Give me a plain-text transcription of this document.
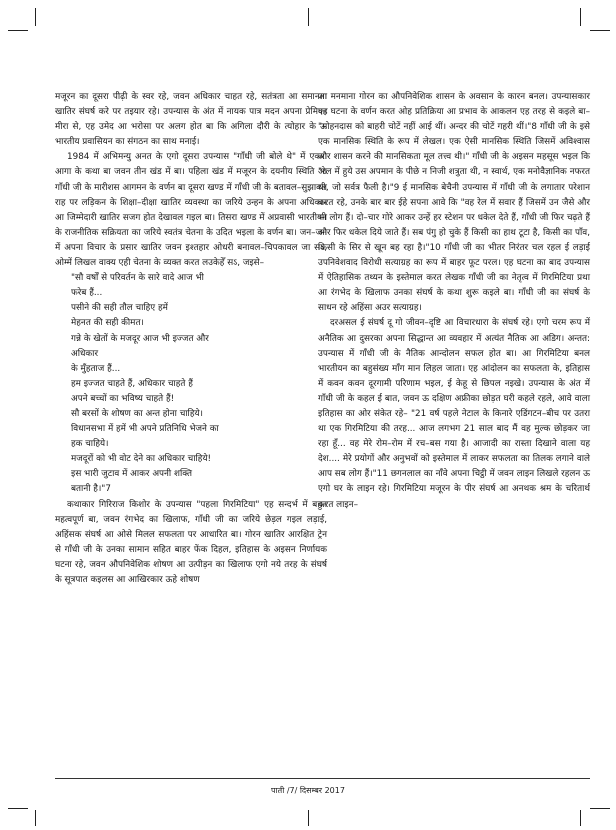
मजूरन का दूसरा पीढ़ी के स्वर रहे, जवन अधिकार चाहत रहे, सतंत्रता आ समानता खातिर संघर्ष करे पर तइयार रहे। उपन्यास के अंत में नायक पात्र मदन अपना प्रेमिका मीरा से, एह उमेद आ भरोसा पर अलग होत बा कि अगिला दौरी के त्योहार के ऊ भारतीय प्रवासियन का संगठन का साथ मनाई।

1984 में अभिमन्यु अनत के एगो दूसरा उपन्यास "गाँधी जी बोले थे" में एकरा आगा के कथा बा जवन तीन खंड में बा। पहिला खंड में मजूरन के दयनीय स्थिति आ गाँधी जी के मारीशस आगमन के वर्णन बा दूसरा खण्ड में गाँधी जी के बतावल–सुझावल राह पर लड़िकन के शिक्षा–दीक्षा खातिर व्यवस्था का जरिये उन्हन के अपना अधिकार आ जिम्मेदारी खातिर सजग होत देखावल गइल बा। तिसरा खण्ड में अप्रवासी भारतीयन के राजनीतिक सक्रियता का जरिये स्वतंत्र चेतना के उदित भइला के वर्णन बा। जन–जन में अपना विचार के प्रसार खातिर जवन इश्तहार ओधरी बनावल–चिपकावल जा सऽ, ओम्में लिखल वाक्य एही चेतना के व्यक्त करत लउकेहेँ सऽ, जइसे–

"सौ वर्षों से परिवर्तन के सारे वादे आज भी

फरेब हैं...

पसीने की सही तौल चाहिए हमें

मेहनत की सही कीमत।

गन्ने के खेतों के मजदूर आज भी इज्जत और

अधिकार

के मुँहताज हैं...

हम इज्जत चाहते हैं, अधिकार चाहते हैं

अपने बच्चों का भविष्य चाहते हैं!

सौ बरसों के शोषण का अन्त होना चाहिये।

विधानसभा में हमें भी अपने प्रतिनिधि भेजने का

हक चाहिये।

मजदूरों को भी वोट देने का अधिकार चाहिये!

इस भारी जुटाव में आकर अपनी शक्ति

बतानी है।"7

कथाकार गिरिराज किशोर के उपन्यास "पहला गिरमिटिया" एह सन्दर्भ में बहुत महत्वपूर्ण बा, जवन रंगभेद का खिलाफ, गाँधी जी का जरिये छेड़ल गइल लड़ाई, अहिंसक संघर्ष आ ओसे मिलल सफलता पर आधारित बा। गोरन खातिर आरक्षित ट्रेन से गाँधी जी के उनका सामान सहित बाहर फेंक दिहल, इतिहास के अइसन निर्णायक घटना रहे, जवन औपनिवेशिक शोषण आ उत्पीड़न का खिलाफ एगो नये तरह के संघर्ष के सूत्रपात कइलस आ आखिरकार ऊहे शोषण

आ मनमाना गोरन का औपनिवेशिक शासन के अवसान के कारन बनल। उपन्यासकार एह घटना के वर्णन करत ओह प्रतिक्रिया आ प्रभाव के आकलन एह तरह से कइले बा– "मोहनदास को बाहरी चोटें नहीं आई थीं। अन्दर की चोटें गहरी थीं।"8 गाँधी जी के इसे एक मानसिक स्थिति के रूप में लेखल। एक ऐसी मानसिक स्थिति जिसमें अविश्वास और शासन करने की मानसिकता मूल तत्त्व थी।" गाँधी जी के अइसन महसूस भइल कि "रेल में हुये उस अपमान के पीछे न निजी शत्रुता थी, न स्वार्थ, एक मनोवैज्ञानिक नफरत थी, जो सर्वत्र फैली है।"9 ई मानसिक बेचैनी उपन्यास में गाँधी जी के लगातार परेशान करत रहे, उनके बार बार ईहे सपना आवे कि "वह रेल में सवार हैं जिसमें उन जैसे और भी लोग हैं। दो–चार गोरे आकर उन्हें हर स्टेशन पर धकेल देते हैं, गाँधी जी फिर चढ़ते हैं और फिर धकेल दिये जाते हैं। सब पंगु हो चुके हैं किसी का हाथ टूटा है, किसी का पाँव, किसी के सिर से खून बह रहा है।"10 गाँधी जी का भीतर निरंतर चल रहल ई लड़ाई उपनिवेशवाद विरोधी सत्याग्रह का रूप में बाहर फूट परल। एह घटना का बाद उपन्यास में ऐतिहासिक तथ्यन के इस्तेमाल करत लेखक गाँधी जी का नेतृत्व में गिरमिटिया प्रथा आ रंगभेद के खिलाफ उनका संघर्ष के कथा शुरू कइले बा। गाँधी जी का संघर्ष के साधन रहे अहिंसा अउर सत्याग्रह।

दरअसल ई संघर्ष दू गो जीवन–दृष्टि आ विचारधारा के संघर्ष रहे। एगो चरम रूप में अनैतिक आ दुसरका अपना सिद्धान्त आ व्यवहार में अत्यंत नैतिक आ अडिग। अन्तत: उपन्यास में गाँधी जी के नैतिक आन्दोलन सफल होत बा। आ गिरमिटिया बनल भारतीयन का बहुसंख्य माँग मान लिहल जाता। एह आंदोलन का सफलता के, इतिहास में कवन कवन दूरगामी परिणाम भइल, ई केहू से छिपल नइखे। उपन्यास के अंत में गाँधी जी के कहल ई बात, जवन ऊ दक्षिण अफ्रीका छोड़त घरी कहले रहले, आवे वाला इतिहास का ओर संकेत रहे– "21 वर्ष पहले नेटाल के किनारे एडिंगटन–बीच पर उतरा था एक गिरमिटिया की तरह... आज लगभग 21 साल बाद मैं वह मुल्क छोड़कर जा रहा हूँ... वह मेरे रोम–रोम में रच–बस गया है। आजादी का रास्ता दिखाने वाला यह देश.... मेरे प्रयोगों और अनुभवों को इस्तेमाल में लाकर सफलता का तिलक लगाने वाले आप सब लोग हैं।"11 छगनलाल का नाँवे अपना चिट्ठी में जवन लाइन लिखले रहलन ऊ एगो घर के लाइन रहे। गिरमिटिया मजूरन के पीर संघर्ष आ अनथक श्रम के चरितार्थ करत लाइन–

पाती /7/ दिसम्बर 2017
